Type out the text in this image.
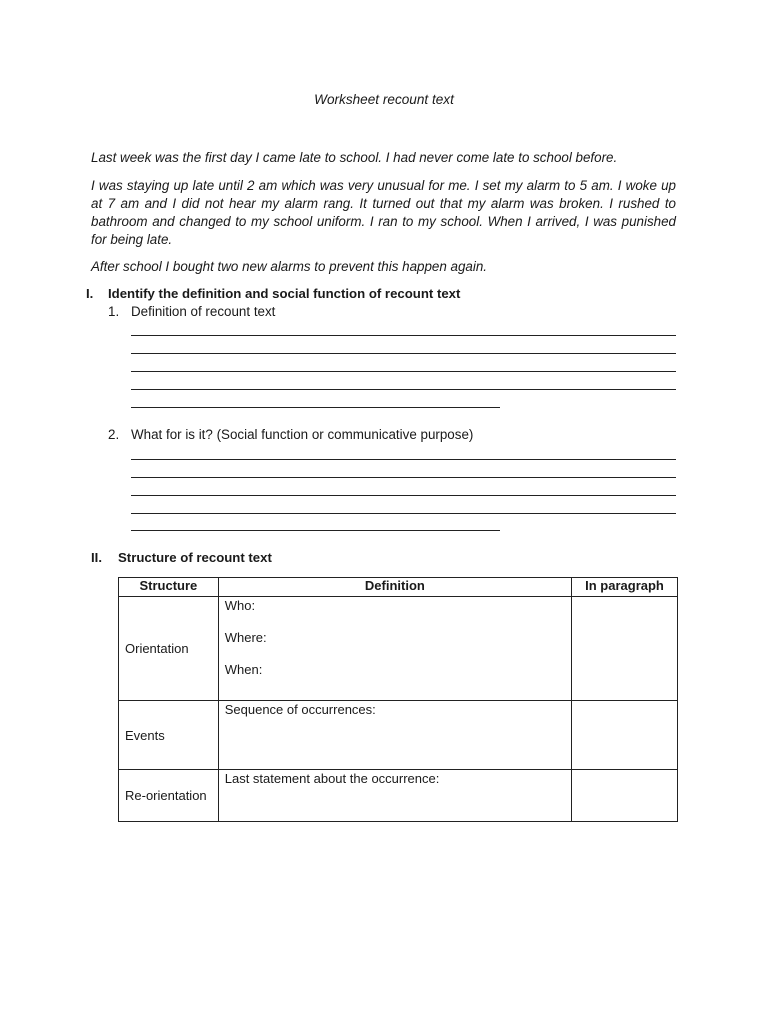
Worksheet recount text
Last week was the first day I came late to school. I had never come late to school before.
I was staying up late until 2 am which was very unusual for me. I set my alarm to 5 am. I woke up at 7 am and I did not hear my alarm rang. It turned out that my alarm was broken. I rushed to bathroom and changed to my school uniform. I ran to my school. When I arrived, I was punished for being late.
After school I bought two new alarms to prevent this happen again.
I.	Identify the definition and social function of recount text
1. Definition of recount text
2. What for is it? (Social function or communicative purpose)
II. Structure of recount text
Structure	Definition	In paragraph
Orientation	Who:
Where:
When:	

Events	Sequence of occurrences:	

Re-orientation	Last statement about the occurrence:	
